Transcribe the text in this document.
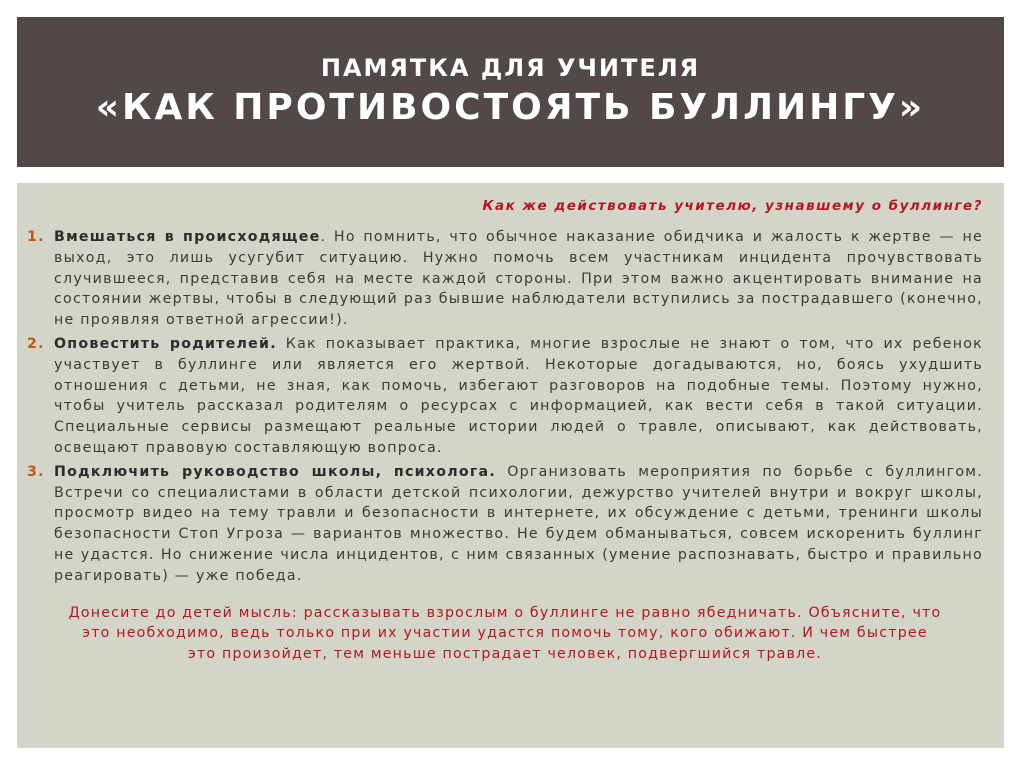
ПАМЯТКА ДЛЯ УЧИТЕЛЯ
«КАК ПРОТИВОСТОЯТЬ БУЛЛИНГУ»
Как же действовать учителю, узнавшему о буллинге?
1. Вмешаться в происходящее. Но помнить, что обычное наказание обидчика и жалость к жертве — не выход, это лишь усугубит ситуацию. Нужно помочь всем участникам инцидента прочувствовать случившееся, представив себя на месте каждой стороны. При этом важно акцентировать внимание на состоянии жертвы, чтобы в следующий раз бывшие наблюдатели вступились за пострадавшего (конечно, не проявляя ответной агрессии!).
2. Оповестить родителей. Как показывает практика, многие взрослые не знают о том, что их ребенок участвует в буллинге или является его жертвой. Некоторые догадываются, но, боясь ухудшить отношения с детьми, не зная, как помочь, избегают разговоров на подобные темы. Поэтому нужно, чтобы учитель рассказал родителям о ресурсах с информацией, как вести себя в такой ситуации. Специальные сервисы размещают реальные истории людей о травле, описывают, как действовать, освещают правовую составляющую вопроса.
3. Подключить руководство школы, психолога. Организовать мероприятия по борьбе с буллингом. Встречи со специалистами в области детской психологии, дежурство учителей внутри и вокруг школы, просмотр видео на тему травли и безопасности в интернете, их обсуждение с детьми, тренинги школы безопасности Стоп Угроза — вариантов множество. Не будем обманываться, совсем искоренить буллинг не удастся. Но снижение числа инцидентов, с ним связанных (умение распознавать, быстро и правильно реагировать) — уже победа.
Донесите до детей мысль: рассказывать взрослым о буллинге не равно ябедничать. Объясните, что это необходимо, ведь только при их участии удастся помочь тому, кого обижают. И чем быстрее это произойдет, тем меньше пострадает человек, подвергшийся травле.
